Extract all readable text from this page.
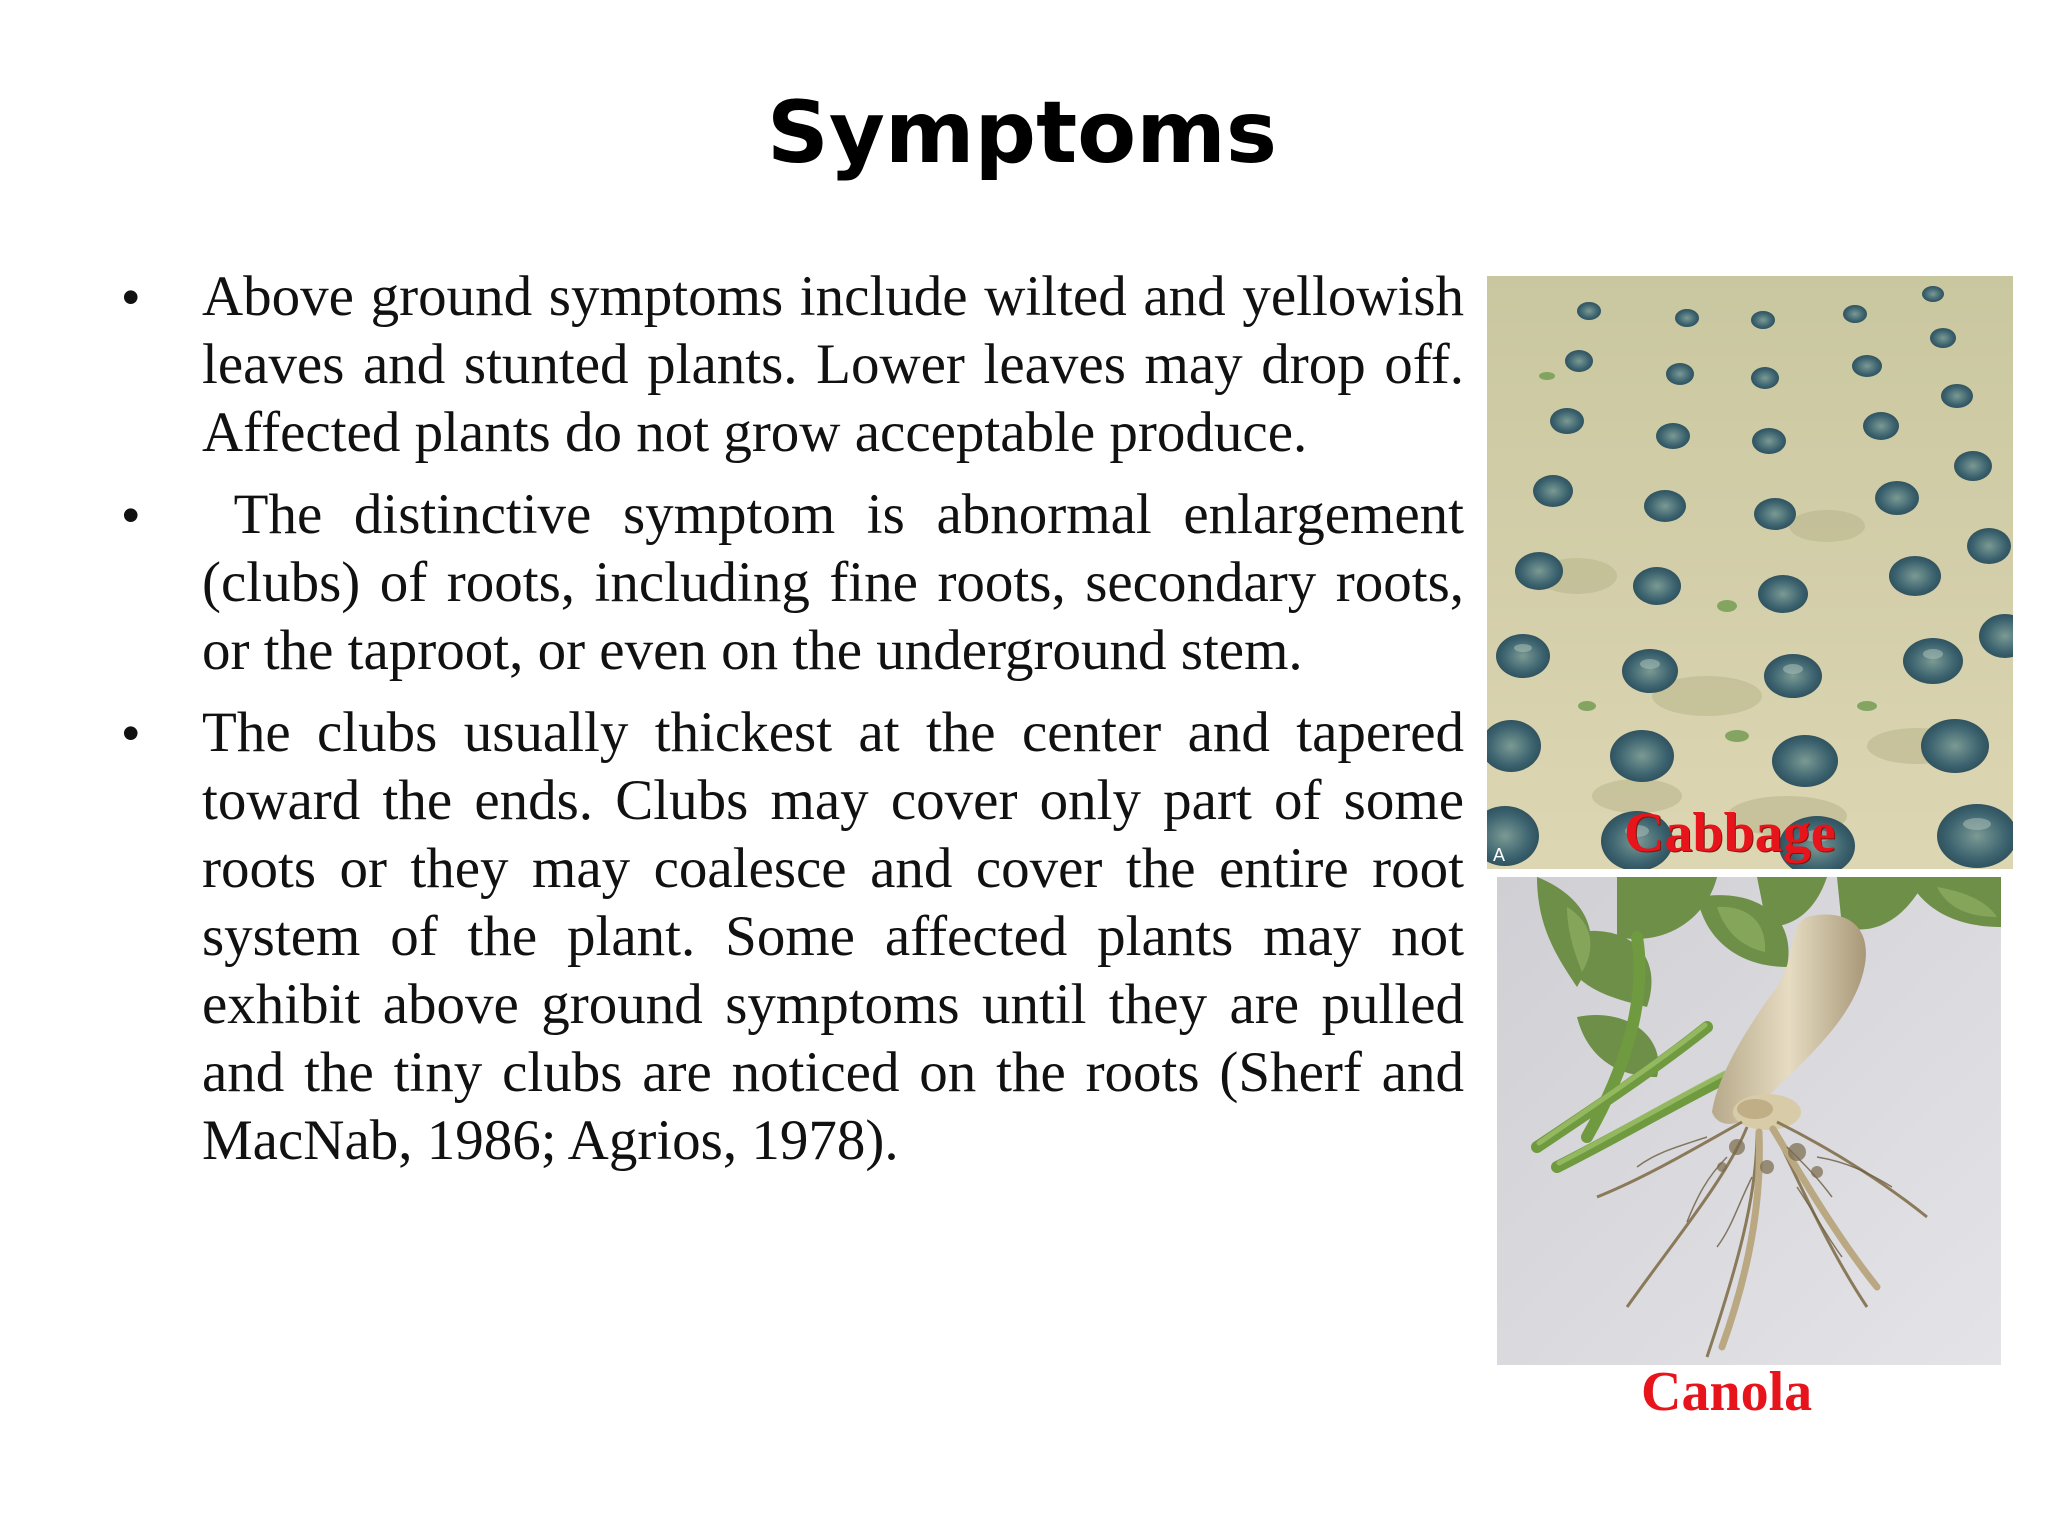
Symptoms
• Above ground symptoms include wilted and yellowish leaves and stunted plants. Lower leaves may drop off. Affected plants do not grow acceptable produce.
• The distinctive symptom is abnormal enlargement (clubs) of roots, including fine roots, secondary roots, or the taproot, or even on the underground stem.
• The clubs usually thickest at the center and tapered toward the ends. Clubs may cover only part of some roots or they may coalesce and cover the entire root system of the plant. Some affected plants may not exhibit above ground symptoms until they are pulled and the tiny clubs are noticed on the roots (Sherf and MacNab, 1986; Agrios, 1978).
A Cabbage
Canola
